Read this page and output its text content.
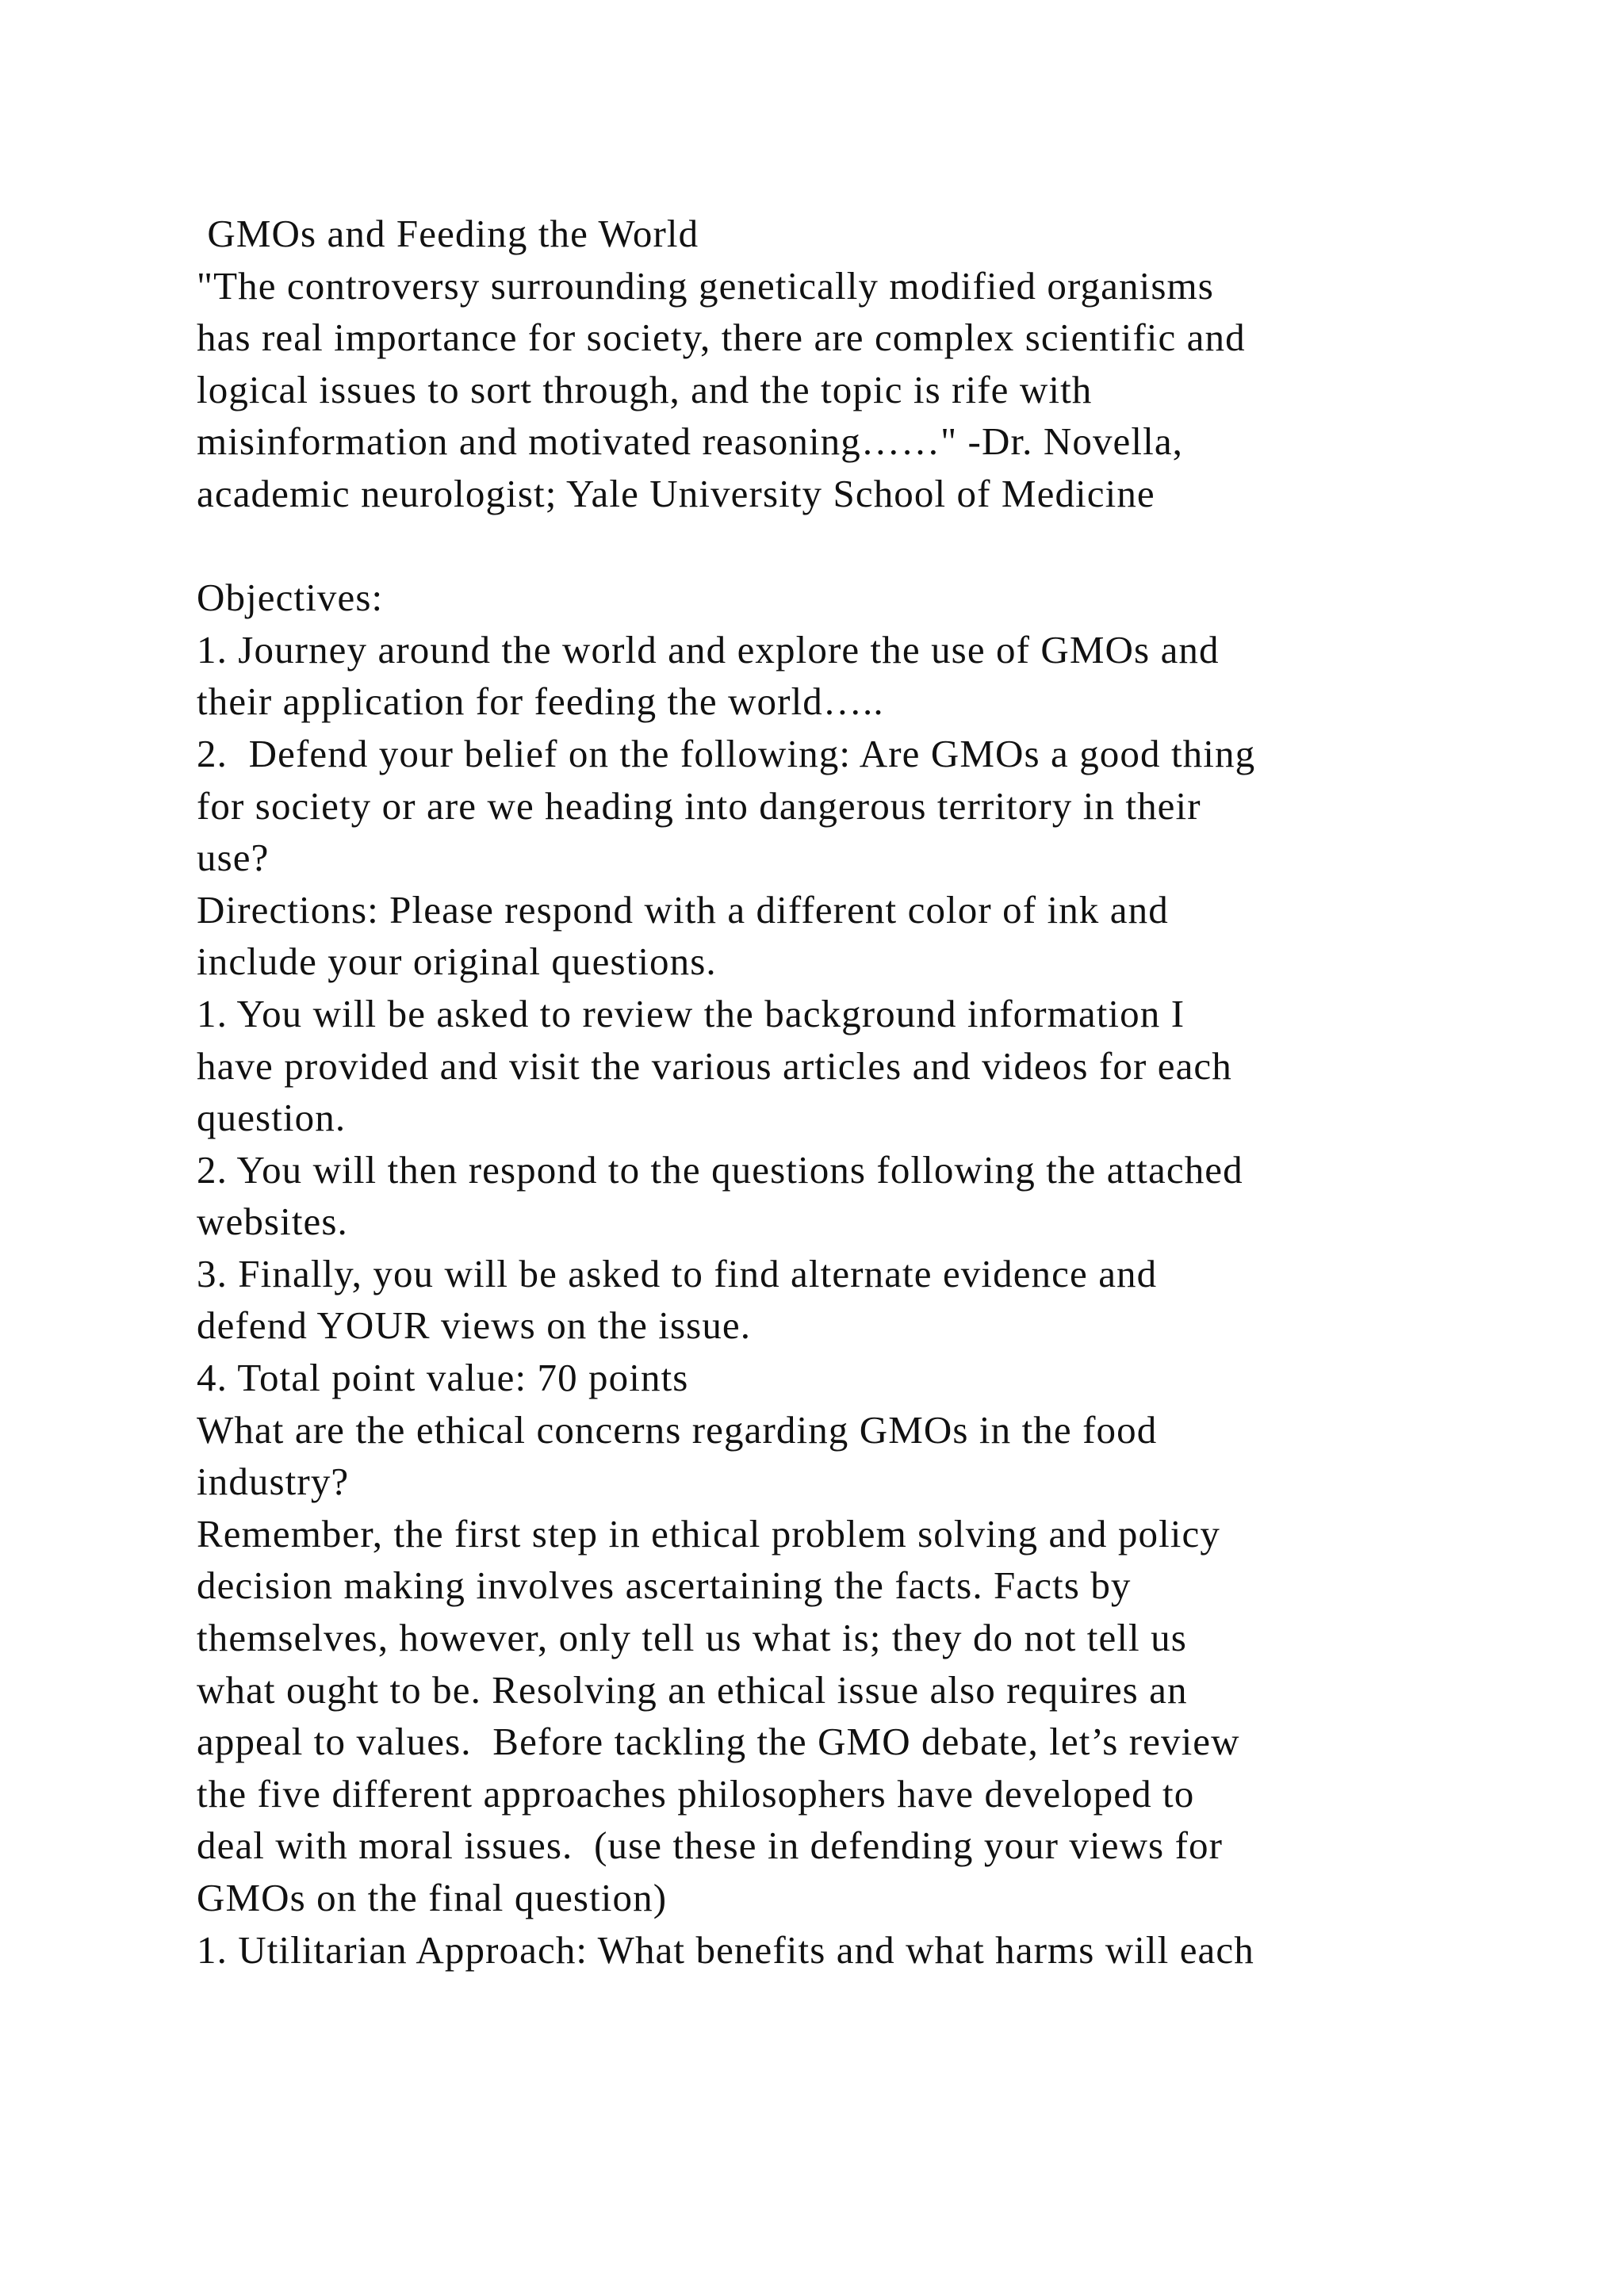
GMOs and Feeding the World
"The controversy surrounding genetically modified organisms
has real importance for society, there are complex scientific and
logical issues to sort through, and the topic is rife with
misinformation and motivated reasoning……" -Dr. Novella,
academic neurologist; Yale University School of Medicine
Objectives:
1. Journey around the world and explore the use of GMOs and
their application for feeding the world…..
2.  Defend your belief on the following: Are GMOs a good thing
for society or are we heading into dangerous territory in their
use?
Directions: Please respond with a different color of ink and
include your original questions.
1. You will be asked to review the background information I
have provided and visit the various articles and videos for each
question.
2. You will then respond to the questions following the attached
websites.
3. Finally, you will be asked to find alternate evidence and
defend YOUR views on the issue.
4. Total point value: 70 points
What are the ethical concerns regarding GMOs in the food
industry?
Remember, the first step in ethical problem solving and policy
decision making involves ascertaining the facts. Facts by
themselves, however, only tell us what is; they do not tell us
what ought to be. Resolving an ethical issue also requires an
appeal to values.  Before tackling the GMO debate, let’s review
the five different approaches philosophers have developed to
deal with moral issues.  (use these in defending your views for
GMOs on the final question)
1. Utilitarian Approach: What benefits and what harms will each
